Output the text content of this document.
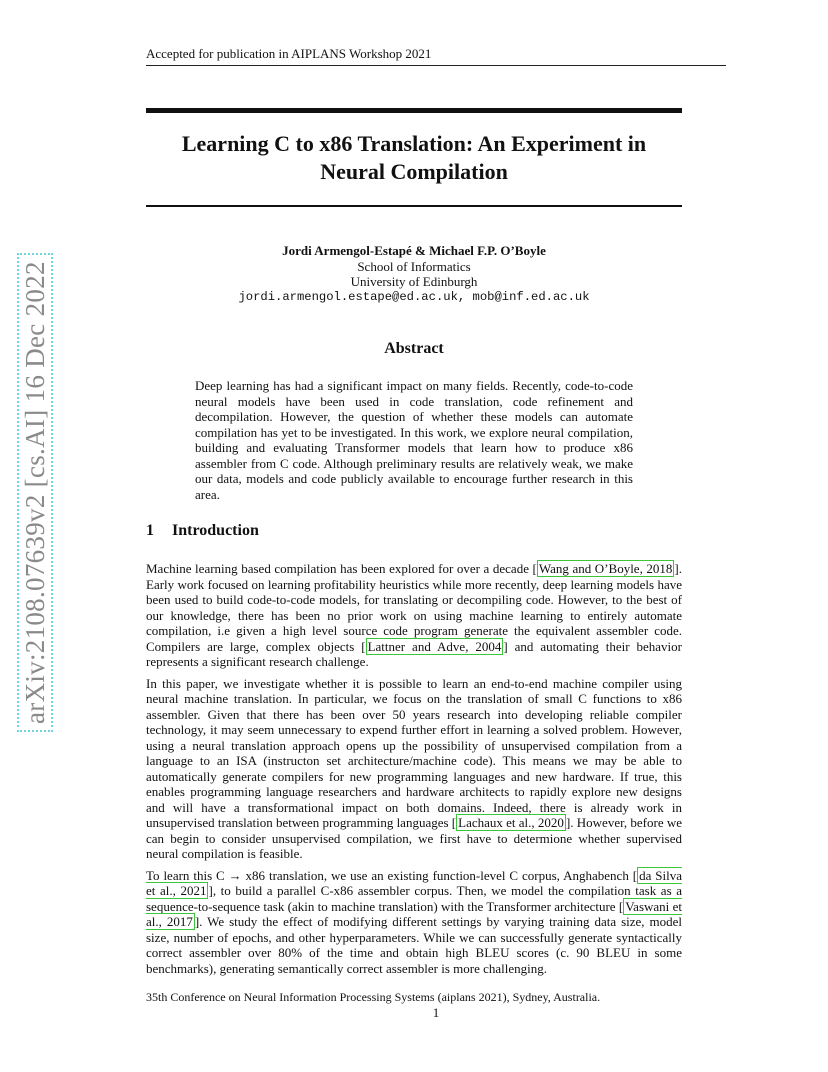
Accepted for publication in AIPLANS Workshop 2021
arXiv:2108.07639v2 [cs.AI] 16 Dec 2022
Learning C to x86 Translation: An Experiment in
Neural Compilation
Jordi Armengol-Estapé & Michael F.P. O’Boyle
School of Informatics
University of Edinburgh
jordi.armengol.estape@ed.ac.uk, mob@inf.ed.ac.uk
Abstract
Deep learning has had a significant impact on many fields. Recently, code-to-code neural models have been used in code translation, code refinement and decompilation. However, the question of whether these models can automate compilation has yet to be investigated. In this work, we explore neural compilation, building and evaluating Transformer models that learn how to produce x86 assembler from C code. Although preliminary results are relatively weak, we make our data, models and code publicly available to encourage further research in this area.
1 Introduction

Machine learning based compilation has been explored for over a decade [ Wang and O’Boyle, 2018 ]. Early work focused on learning profitability heuristics while more recently, deep learning models have been used to build code-to-code models, for translating or decompiling code. However, to the best of our knowledge, there has been no prior work on using machine learning to entirely automate compilation, i.e given a high level source code program generate the equivalent assembler code. Compilers are large, complex objects [ Lattner and Adve, 2004 ] and automating their behavior represents a significant research challenge.

In this paper, we investigate whether it is possible to learn an end-to-end machine compiler using neural machine translation. In particular, we focus on the translation of small C functions to x86 assembler. Given that there has been over 50 years research into developing reliable compiler technology, it may seem unnecessary to expend further effort in learning a solved problem. However, using a neural translation approach opens up the possibility of unsupervised compilation from a language to an ISA (instructon set architecture/machine code). This means we may be able to automatically generate compilers for new programming languages and new hardware. If true, this enables programming language researchers and hardware architects to rapidly explore new designs and will have a transformational impact on both domains. Indeed, there is already work in unsupervised translation between programming languages [ Lachaux et al., 2020 ]. However, before we can begin to consider unsupervised compilation, we first have to determione whether supervised neural compilation is feasible.

To learn this C → x86 translation, we use an existing function-level C corpus, Anghabench [ da Silva et al., 2021 ], to build a parallel C-x86 assembler corpus. Then, we model the compilation task as a sequence-to-sequence task (akin to machine translation) with the Transformer architecture [ Vaswani et al., 2017 ]. We study the effect of modifying different settings by varying training data size, model size, number of epochs, and other hyperparameters. While we can successfully generate syntactically correct assembler over 80% of the time and obtain high BLEU scores (c. 90 BLEU in some benchmarks), generating semantically correct assembler is more challenging.

35th Conference on Neural Information Processing Systems (aiplans 2021), Sydney, Australia.
1
